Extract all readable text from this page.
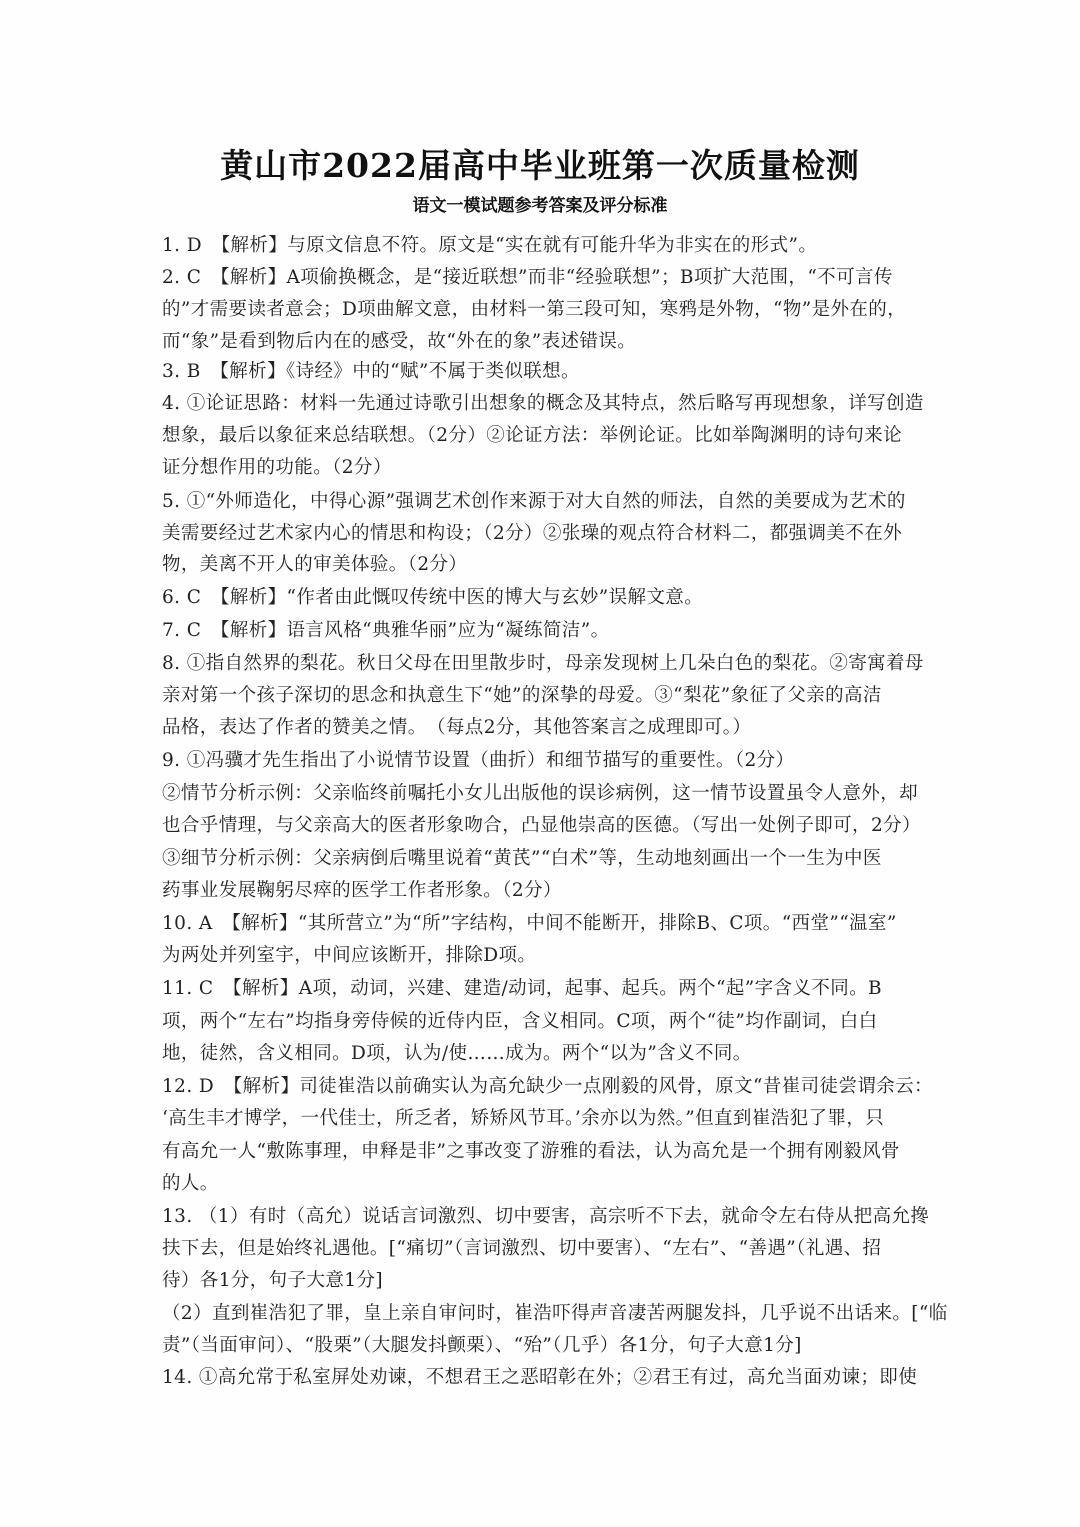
黄山市2022届高中毕业班第一次质量检测
语文一模试题参考答案及评分标准
1. D　【解析】与原文信息不符。原文是“实在就有可能升华为非实在的形式”。
2. C　【解析】A项偷换概念，是“接近联想”而非“经验联想”；B项扩大范围，“不可言传
的”才需要读者意会；D项曲解文意，由材料一第三段可知，寒鸦是外物，“物”是外在的，
而“象”是看到物后内在的感受，故“外在的象”表述错误。
3. B　【解析】《诗经》中的“赋”不属于类似联想。
4. ①论证思路：材料一先通过诗歌引出想象的概念及其特点，然后略写再现想象，详写创造
想象，最后以象征来总结联想。（2分）②论证方法：举例论证。比如举陶渊明的诗句来论
证分想作用的功能。（2分）
5. ①“外师造化，中得心源”强调艺术创作来源于对大自然的师法，自然的美要成为艺术的
美需要经过艺术家内心的情思和构设；（2分）②张璪的观点符合材料二，都强调美不在外
物，美离不开人的审美体验。（2分）
6. C　【解析】“作者由此慨叹传统中医的博大与玄妙”误解文意。
7. C　【解析】语言风格“典雅华丽”应为“凝练简洁”。
8. ①指自然界的梨花。秋日父母在田里散步时，母亲发现树上几朵白色的梨花。②寄寓着母
亲对第一个孩子深切的思念和执意生下“她”的深挚的母爱。③“梨花”象征了父亲的高洁
品格，表达了作者的赞美之情。　（每点2分，其他答案言之成理即可。）
9. ①冯骥才先生指出了小说情节设置（曲折）和细节描写的重要性。（2分）
②情节分析示例：父亲临终前嘱托小女儿出版他的误诊病例，这一情节设置虽令人意外，却
也合乎情理，与父亲高大的医者形象吻合，凸显他崇高的医德。（写出一处例子即可，2分）
③细节分析示例：父亲病倒后嘴里说着“黄芪”“白术”等，生动地刻画出一个一生为中医
药事业发展鞠躬尽瘁的医学工作者形象。（2分）
10. A　【解析】“其所营立”为“所”字结构，中间不能断开，排除B、C项。“西堂”“温室”
为两处并列室宇，中间应该断开，排除D项。
11. C　【解析】A项，动词，兴建、建造/动词，起事、起兵。两个“起”字含义不同。B
项，两个“左右”均指身旁侍候的近侍内臣，含义相同。C项，两个“徒”均作副词，白白
地，徒然，含义相同。D项，认为/使……成为。两个“以为”含义不同。
12. D　【解析】司徒崔浩以前确实认为高允缺少一点刚毅的风骨，原文“昔崔司徒尝谓余云：
‘高生丰才博学，一代佳士，所乏者，矫矫风节耳。’余亦以为然。”但直到崔浩犯了罪，只
有高允一人“敷陈事理，申释是非”之事改变了游雅的看法，认为高允是一个拥有刚毅风骨
的人。
13. （1）有时（高允）说话言词激烈、切中要害，高宗听不下去，就命令左右侍从把高允搀
扶下去，但是始终礼遇他。[“痛切”（言词激烈、切中要害）、“左右”、“善遇”（礼遇、招
待）各1分，句子大意1分]
（2）直到崔浩犯了罪，皇上亲自审问时，崔浩吓得声音凄苦两腿发抖，几乎说不出话来。[“临
责”（当面审问）、“股栗”（大腿发抖颤栗）、“殆”（几乎）各1分，句子大意1分]
14. ①高允常于私室屏处劝谏，不想君王之恶昭彰在外；②君王有过，高允当面劝谏；即使
